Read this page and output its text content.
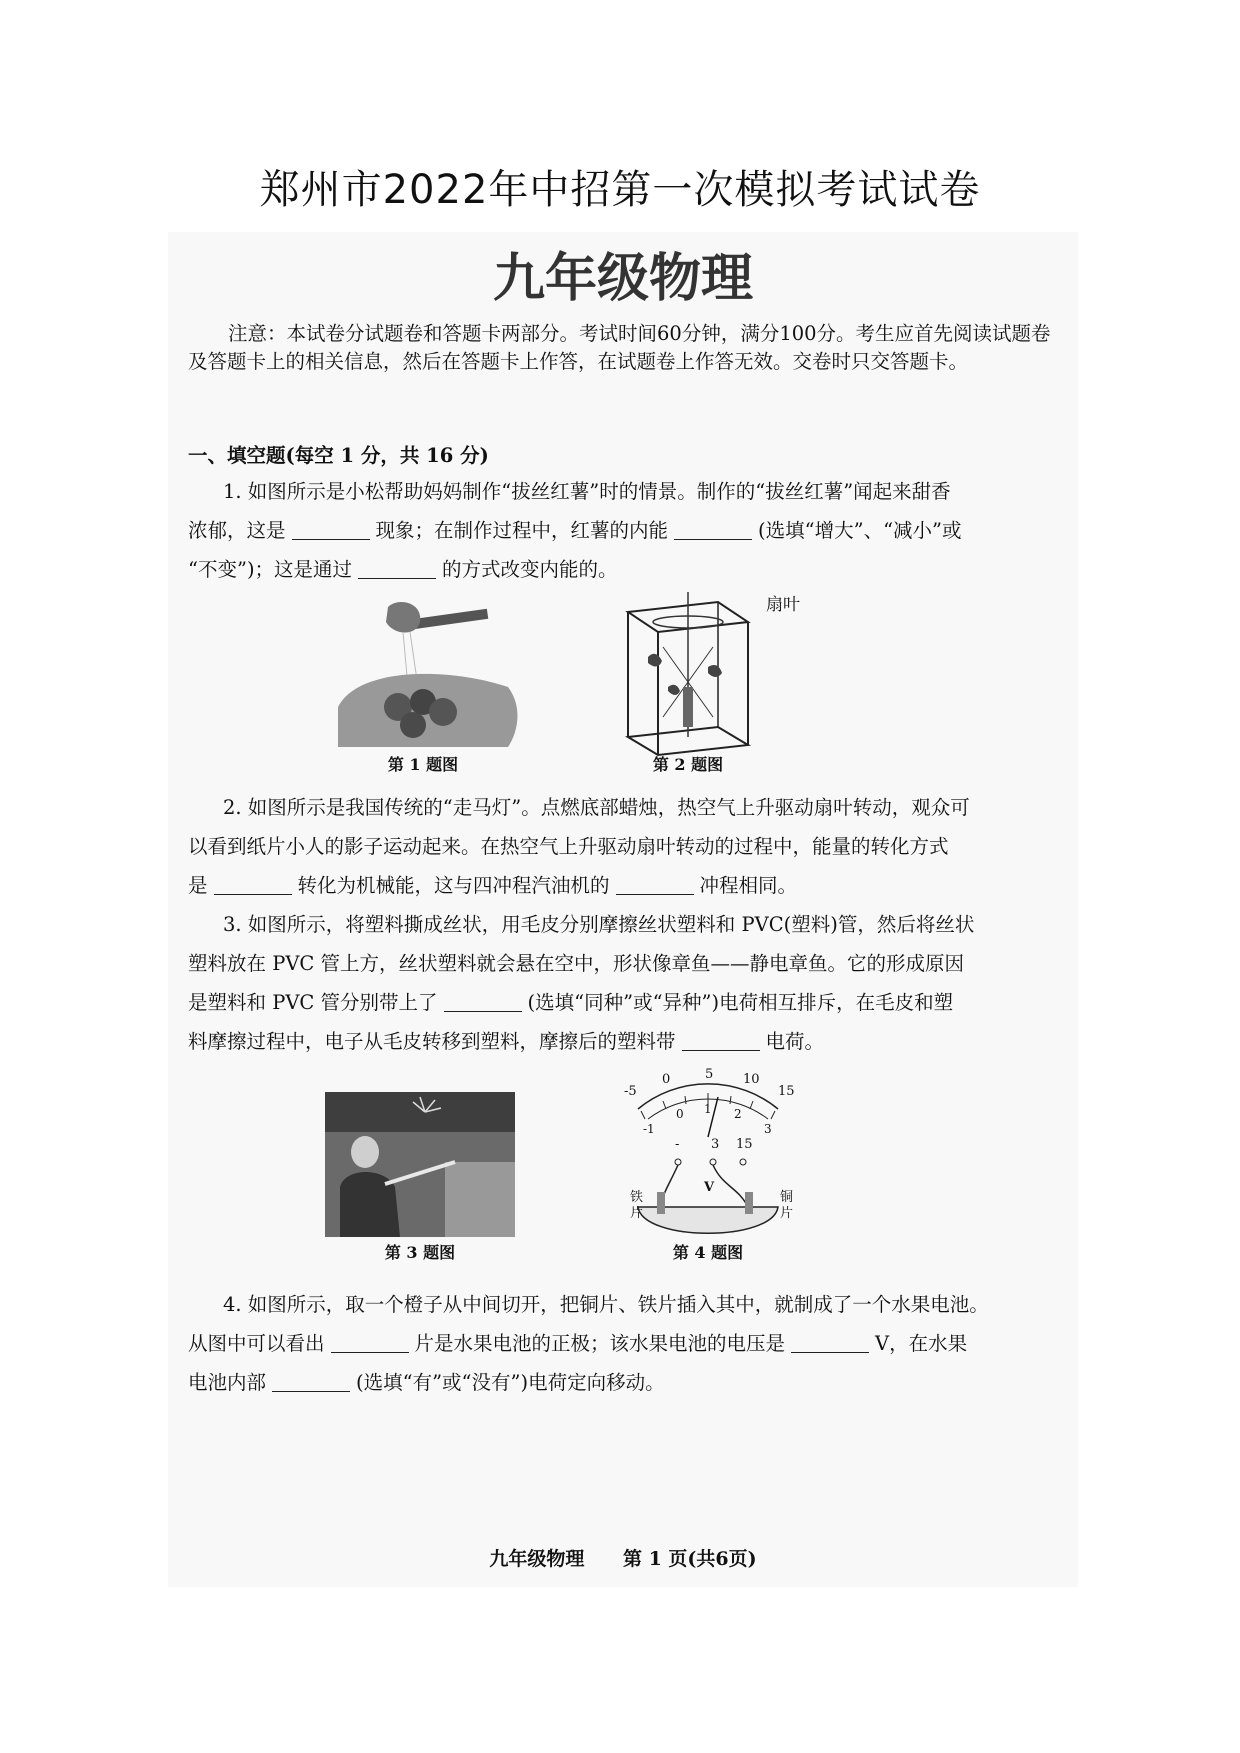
郑州市2022年中招第一次模拟考试试卷
九年级物理

注意：本试卷分试题卷和答题卡两部分。考试时间60分钟，满分100分。考生应首先阅读试题卷及答题卡上的相关信息，然后在答题卡上作答，在试题卷上作答无效。交卷时只交答题卡。

一、填空题(每空 1 分，共 16 分)
1. 如图所示是小松帮助妈妈制作“拔丝红薯”时的情景。制作的“拔丝红薯”闻起来甜香
浓郁，这是	现象；在制作过程中，红薯的内能	(选填“增大”、“减小”或
“不变”)；这是通过	的方式改变内能的。
第 1 题图
扇叶
第 2 题图
2. 如图所示是我国传统的“走马灯”。点燃底部蜡烛，热空气上升驱动扇叶转动，观众可
以看到纸片小人的影子运动起来。在热空气上升驱动扇叶转动的过程中，能量的转化方式
是	转化为机械能，这与四冲程汽油机的	冲程相同。
3. 如图所示，将塑料撕成丝状，用毛皮分别摩擦丝状塑料和 PVC(塑料)管，然后将丝状
塑料放在 PVC 管上方，丝状塑料就会悬在空中，形状像章鱼——静电章鱼。它的形成原因
是塑料和 PVC 管分别带上了	(选填“同种”或“异种”)电荷相互排斥，在毛皮和塑
料摩擦过程中，电子从毛皮转移到塑料，摩擦后的塑料带	电荷。
第 3 题图
-5
0	5 10
15
-1
0 1 2
3
- 3 15
V
铁片
铜片
第 4 题图
4. 如图所示，取一个橙子从中间切开，把铜片、铁片插入其中，就制成了一个水果电池。
从图中可以看出	片是水果电池的正极；该水果电池的电压是	V，在水果
电池内部	(选填“有”或“没有”)电荷定向移动。
九年级物理 第 1 页(共6页)
